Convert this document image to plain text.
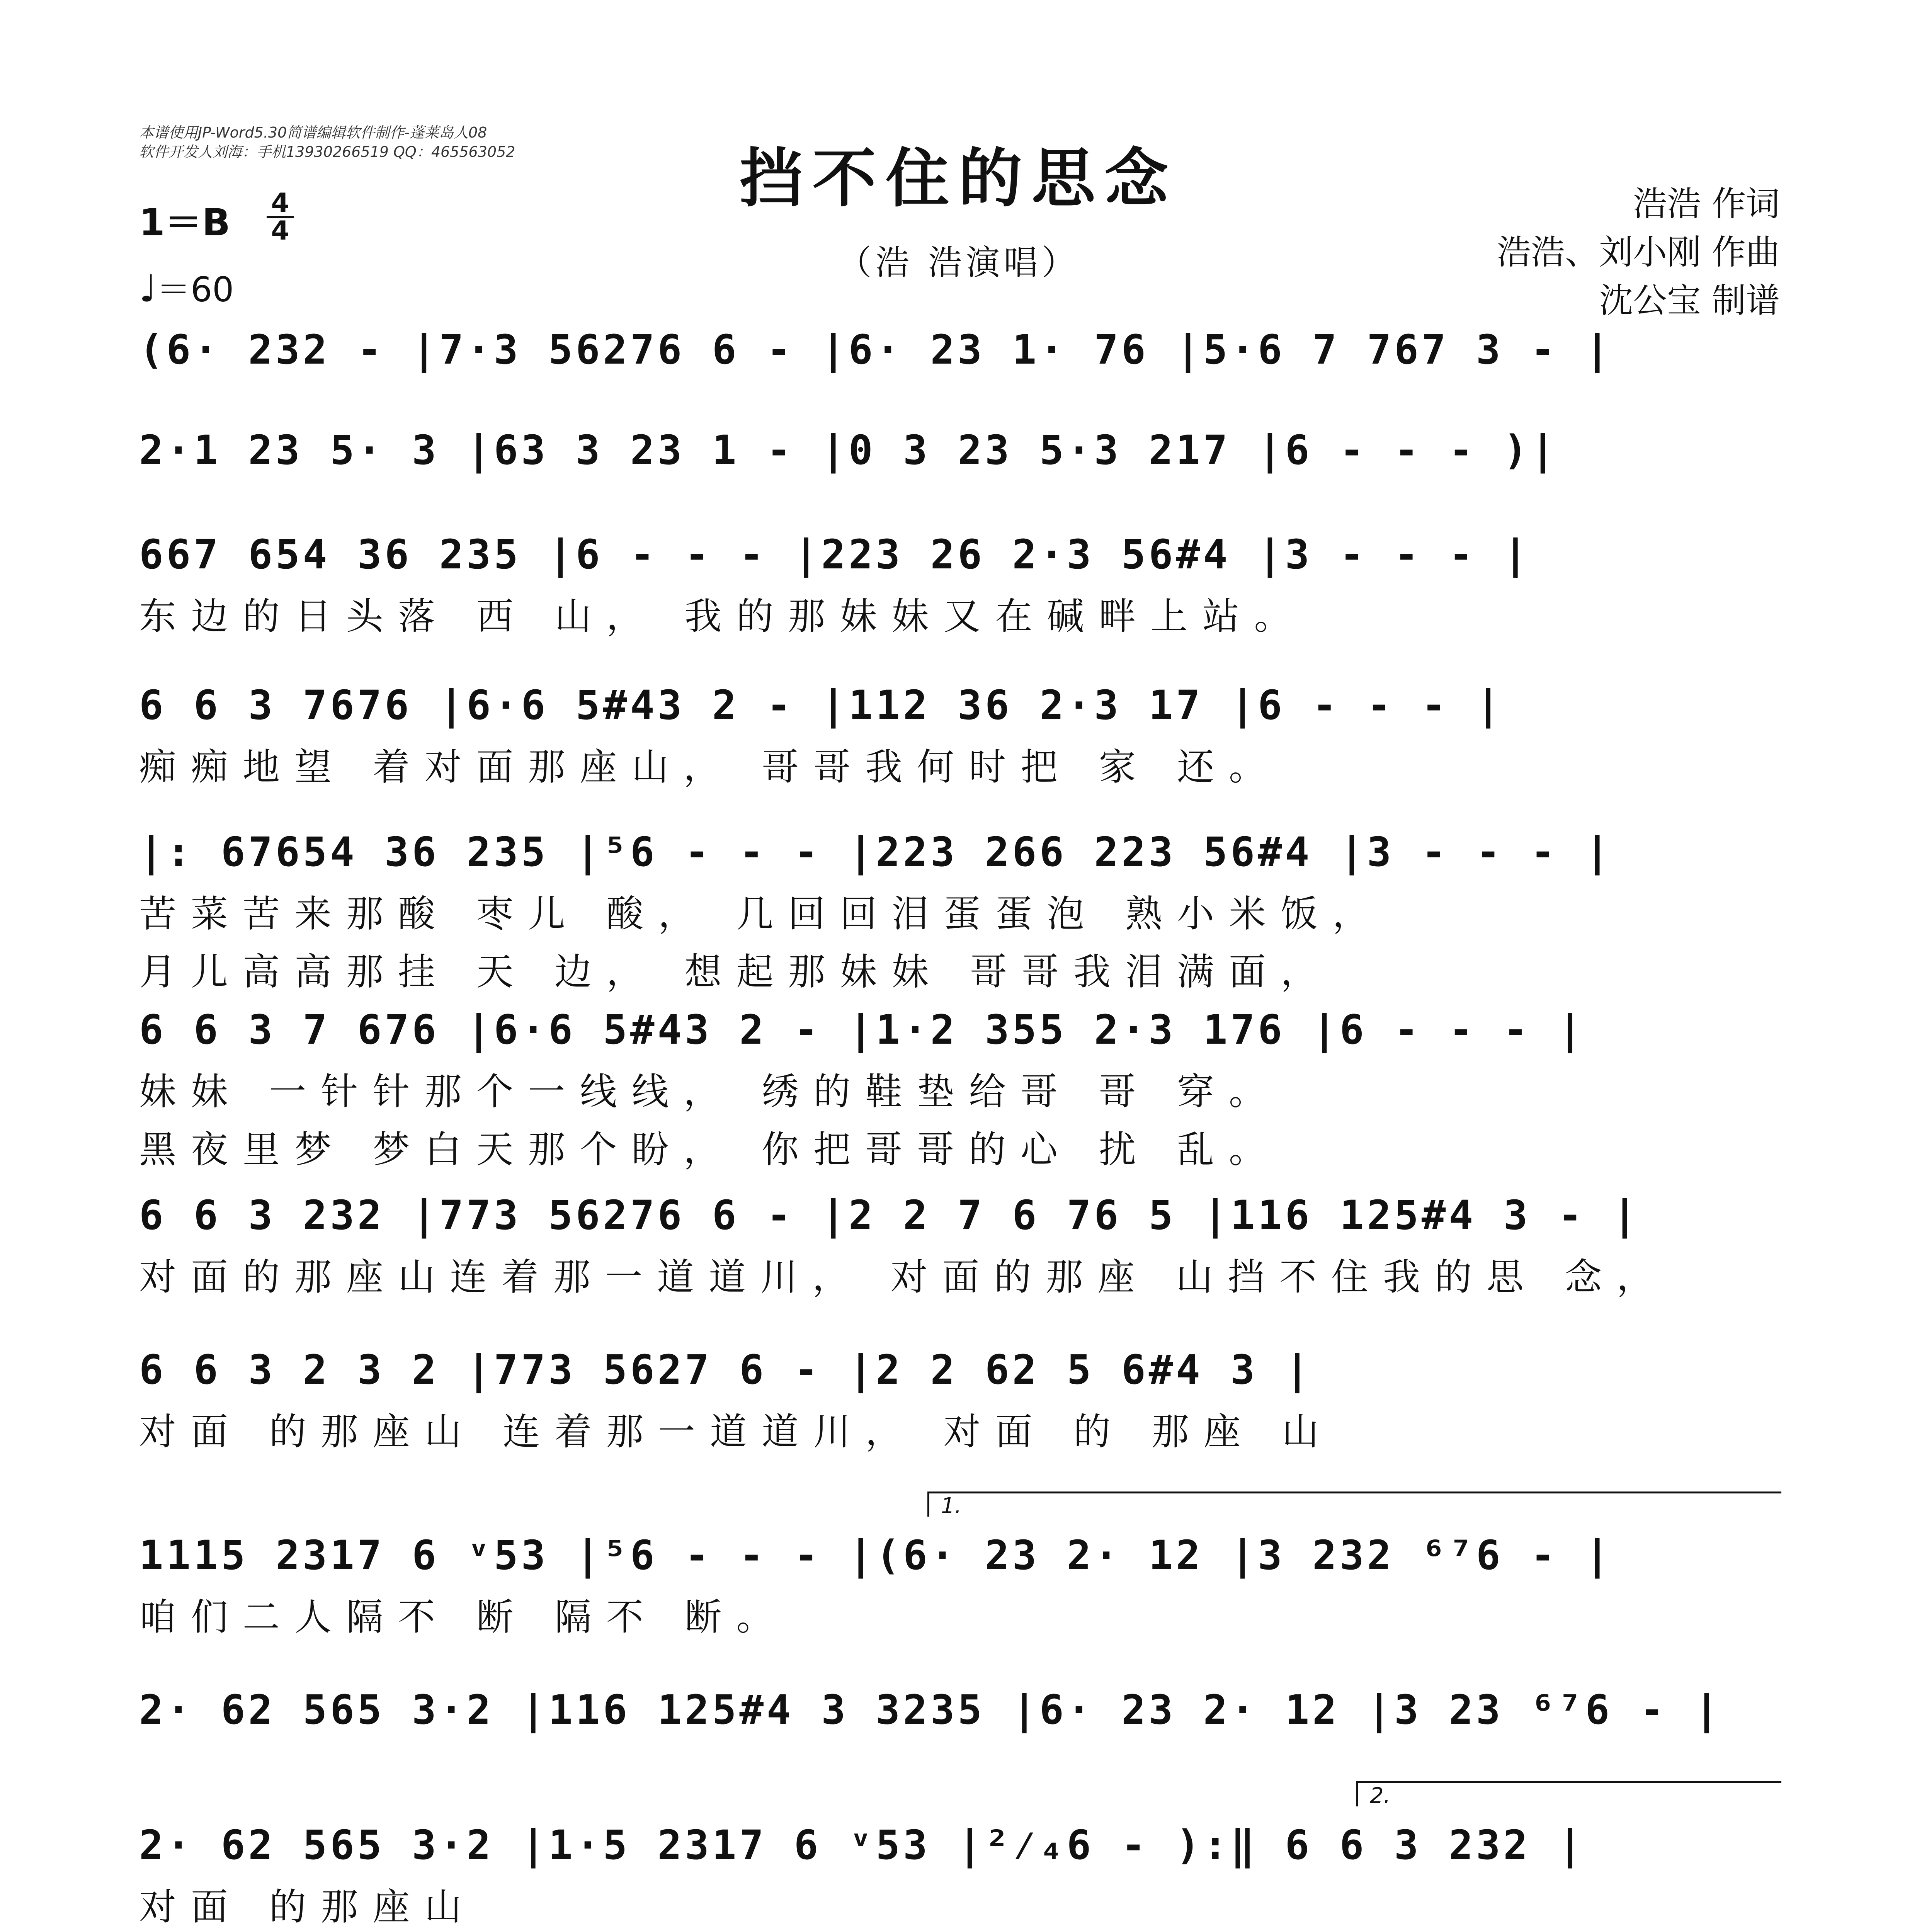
本谱使用JP-Word5.30简谱编辑软件制作-蓬莱岛人08
软件开发人刘海：手机13930266519 QQ：465563052	挡不住的思念
（浩 浩演唱）
浩浩 作词
浩浩、刘小刚 作曲
沈公宝 制谱
1＝B 4
4
♩＝60
(6· 232 - |7·3 56276 6 - |6· 23 1· 76 |5·6 7 767 3 - |
2·1 23 5· 3 |63 3 23 1 - |0 3 23 5·3 217 |6 - - - )|
667 654 36 235 |6 - - - |223 26 2·3 56#4 |3 - - - |
东边的日头落 西 山， 我的那妹妹又在碱畔上站。
6 6 3 7676 |6·6 5#43 2 - |112 36 2·3 17 |6 - - - |
痴痴地望 着对面那座山， 哥哥我何时把 家 还。
|: 67654 36 235 |⁵6 - - - |223 266 223 56#4 |3 - - - |
苦菜苦来那酸 枣儿 酸， 几回回泪蛋蛋泡 熟小米饭，
月儿高高那挂 天 边， 想起那妹妹 哥哥我泪满面，
6 6 3 7 676 |6·6 5#43 2 - |1·2 355 2·3 176 |6 - - - |
妹妹 一针针那个一线线， 绣的鞋垫给哥 哥 穿。
黑夜里梦 梦白天那个盼， 你把哥哥的心 扰 乱。
6 6 3 232 |773 56276 6 - |2 2 7 6 76 5 |116 125#4 3 - |
对面的那座山连着那一道道川， 对面的那座 山挡不住我的思 念，
6 6 3 2 3 2 |773 5627 6 - |2 2 62 5 6#4 3 |
对面 的那座山 连着那一道道川， 对面 的 那座 山
1.
1115 2317 6 ᵛ53 |⁵6 - - - |(6· 23 2· 12 |3 232 ⁶⁷6 - |
咱们二人隔不 断 隔不 断。
2· 62 565 3·2 |116 125#4 3 3235 |6· 23 2· 12 |3 23 ⁶⁷6 - |
2.
2· 62 565 3·2 |1·5 2317 6 ᵛ53 |²⁄₄6 - ):‖ 6 6 3 232 |
对面 的那座山
